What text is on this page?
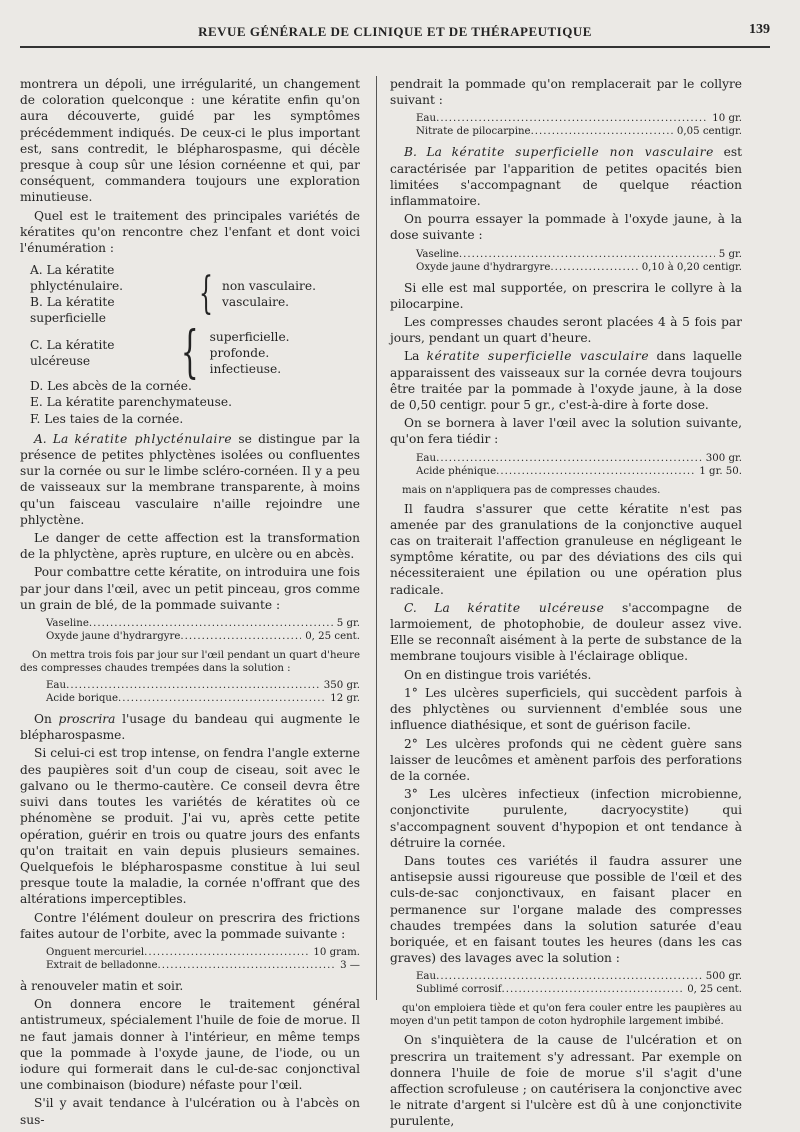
REVUE GÉNÉRALE DE CLINIQUE ET DE THÉRAPEUTIQUE	139

montrera un dépoli, une irrégularité, un changement de coloration quelconque : une kératite enfin qu'on aura découverte, guidé par les symptômes précédemment indiqués. De ceux-ci le plus important est, sans contredit, le blépharospasme, qui décèle presque à coup sûr une lésion cornéenne et qui, par conséquent, commandera toujours une exploration minutieuse.

Quel est le traitement des principales variétés de kératites qu'on rencontre chez l'enfant et dont voici l'énumération :

A. La kératite phlycténulaire.
B. La kératite superficielle	{ non vasculaire.
vasculaire.
C. La kératite ulcéreuse	{ superficielle.
profonde.
infectieuse.
D. Les abcès de la cornée.
E. La kératite parenchymateuse.
F. Les taies de la cornée.

A. La kératite phlycténulaire se distingue par la présence de petites phlyctènes isolées ou confluentes sur la cornée ou sur le limbe scléro-cornéen. Il y a peu de vaisseaux sur la membrane transparente, à moins qu'un faisceau vasculaire n'aille rejoindre une phlyctène.

Le danger de cette affection est la transformation de la phlyctène, après rupture, en ulcère ou en abcès.

Pour combattre cette kératite, on introduira une fois par jour dans l'œil, avec un petit pinceau, gros comme un grain de blé, de la pommade suivante :

Vaseline .....	5 gr.
Oxyde jaune d'hydrargyre .....	0, 25 cent.
On mettra trois fois par jour sur l'œil pendant un quart d'heure des compresses chaudes trempées dans la solution :
Eau .....	350 gr.
Acide borique .....	12 gr.

On proscrira l'usage du bandeau qui augmente le blépharospasme.

Si celui-ci est trop intense, on fendra l'angle externe des paupières soit d'un coup de ciseau, soit avec le galvano ou le thermo-cautère. Ce conseil devra être suivi dans toutes les variétés de kératites où ce phénomène se produit. J'ai vu, après cette petite opération, guérir en trois ou quatre jours des enfants qu'on traitait en vain depuis plusieurs semaines. Quelquefois le blépharospasme constitue à lui seul presque toute la maladie, la cornée n'offrant que des altérations imperceptibles.

Contre l'élément douleur on prescrira des frictions faites autour de l'orbite, avec la pommade suivante :

Onguent mercuriel .....	10 gram.
Extrait de belladonne .....	3 —

à renouveler matin et soir.

On donnera encore le traitement général antistrumeux, spécialement l'huile de foie de morue. Il ne faut jamais donner à l'intérieur, en même temps que la pommade à l'oxyde jaune, de l'iode, ou un iodure qui formerait dans le cul-de-sac conjonctival une combinaison (biodure) néfaste pour l'œil.

S'il y avait tendance à l'ulcération ou à l'abcès on sus-

pendrait la pommade qu'on remplacerait par le collyre suivant :

Eau .....	10 gr.
Nitrate de pilocarpine .....	0,05 centigr.

B. La kératite superficielle non vasculaire est caractérisée par l'apparition de petites opacités bien limitées s'accompagnant de quelque réaction inflammatoire.

On pourra essayer la pommade à l'oxyde jaune, à la dose suivante :

Vaseline .....	5 gr.
Oxyde jaune d'hydrargyre .....	0,10 à 0,20 centigr.

Si elle est mal supportée, on prescrira le collyre à la pilocarpine.

Les compresses chaudes seront placées 4 à 5 fois par jours, pendant un quart d'heure.

La kératite superficielle vasculaire dans laquelle apparaissent des vaisseaux sur la cornée devra toujours être traitée par la pommade à l'oxyde jaune, à la dose de 0,50 centigr. pour 5 gr., c'est-à-dire à forte dose.

On se bornera à laver l'œil avec la solution suivante, qu'on fera tiédir :

Eau .....	300 gr.
Acide phénique .....	1 gr. 50.
mais on n'appliquera pas de compresses chaudes.

Il faudra s'assurer que cette kératite n'est pas amenée par des granulations de la conjonctive auquel cas on traiterait l'affection granuleuse en négligeant le symptôme kératite, ou par des déviations des cils qui nécessiteraient une épilation ou une opération plus radicale.

C. La kératite ulcéreuse s'accompagne de larmoiement, de photophobie, de douleur assez vive. Elle se reconnaît aisément à la perte de substance de la membrane toujours visible à l'éclairage oblique.

On en distingue trois variétés.

1° Les ulcères superficiels, qui succèdent parfois à des phlyctènes ou surviennent d'emblée sous une influence diathésique, et sont de guérison facile.

2° Les ulcères profonds qui ne cèdent guère sans laisser de leucômes et amènent parfois des perforations de la cornée.

3° Les ulcères infectieux (infection microbienne, conjonctivite purulente, dacryocystite) qui s'accompagnent souvent d'hypopion et ont tendance à détruire la cornée.

Dans toutes ces variétés il faudra assurer une antisepsie aussi rigoureuse que possible de l'œil et des culs-de-sac conjonctivaux, en faisant placer en permanence sur l'organe malade des compresses chaudes trempées dans la solution saturée d'eau boriquée, et en faisant toutes les heures (dans les cas graves) des lavages avec la solution :

Eau .....	500 gr.
Sublimé corrosif .....	0, 25 cent.
qu'on emploiera tiède et qu'on fera couler entre les paupières au moyen d'un petit tampon de coton hydrophile largement imbibé.

On s'inquiètera de la cause de l'ulcération et on prescrira un traitement s'y adressant. Par exemple on donnera l'huile de foie de morue s'il s'agit d'une affection scrofuleuse ; on cautérisera la conjonctive avec le nitrate d'argent si l'ulcère est dû à une conjonctivite purulente,
